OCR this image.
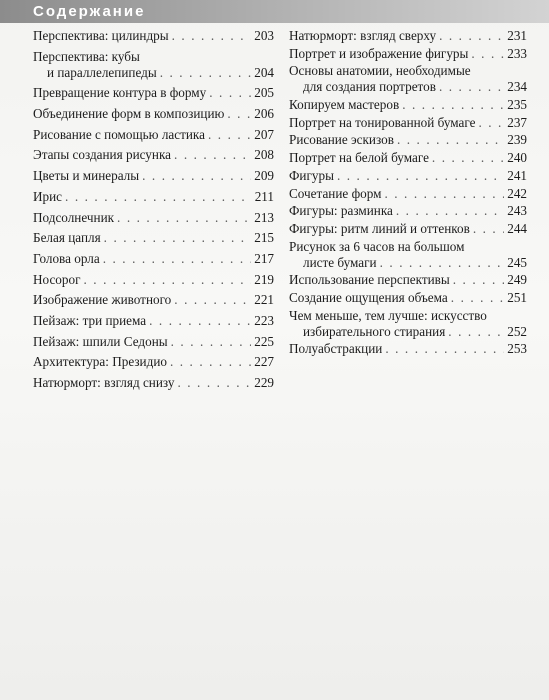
Содержание
Перспектива: цилиндры . . .	203
Перспектива: кубы
и параллелепипеды . . .	204
Превращение контура в форму . . .	205
Объединение форм в композицию . . . 206
Рисование с помощью ластика . . .	207
Этапы создания рисунка . . .	208
Цветы и минералы . . .	209
Ирис . . .	211
Подсолнечник . . .	213
Белая цапля . . .	215
Голова орла . . .	217
Носорог . . .	219
Изображение животного . . .	221
Пейзаж: три приема . . .	223
Пейзаж: шпили Седоны . . .	225
Архитектура: Президио . . .	227
Натюрморт: взгляд снизу . . .	229
Натюрморт: взгляд сверху . . .	231
Портрет и изображение фигуры . . .	233
Основы анатомии, необходимые
для создания портретов . . .	234
Копируем мастеров . . .	235
Портрет на тонированной бумаге . . . 237
Рисование эскизов . . .	239
Портрет на белой бумаге . . .	240
Фигуры . . .	241
Сочетание форм . . .	242
Фигуры: разминка . . .	243
Фигуры: ритм линий и оттенков . . .	244
Рисунок за 6 часов на большом
листе бумаги . . .	245
Использование перспективы . . .	249
Создание ощущения объема . . .	251
Чем меньше, тем лучше: искусство
избирательного стирания . . .	252
Полуабстракции . . .	253
